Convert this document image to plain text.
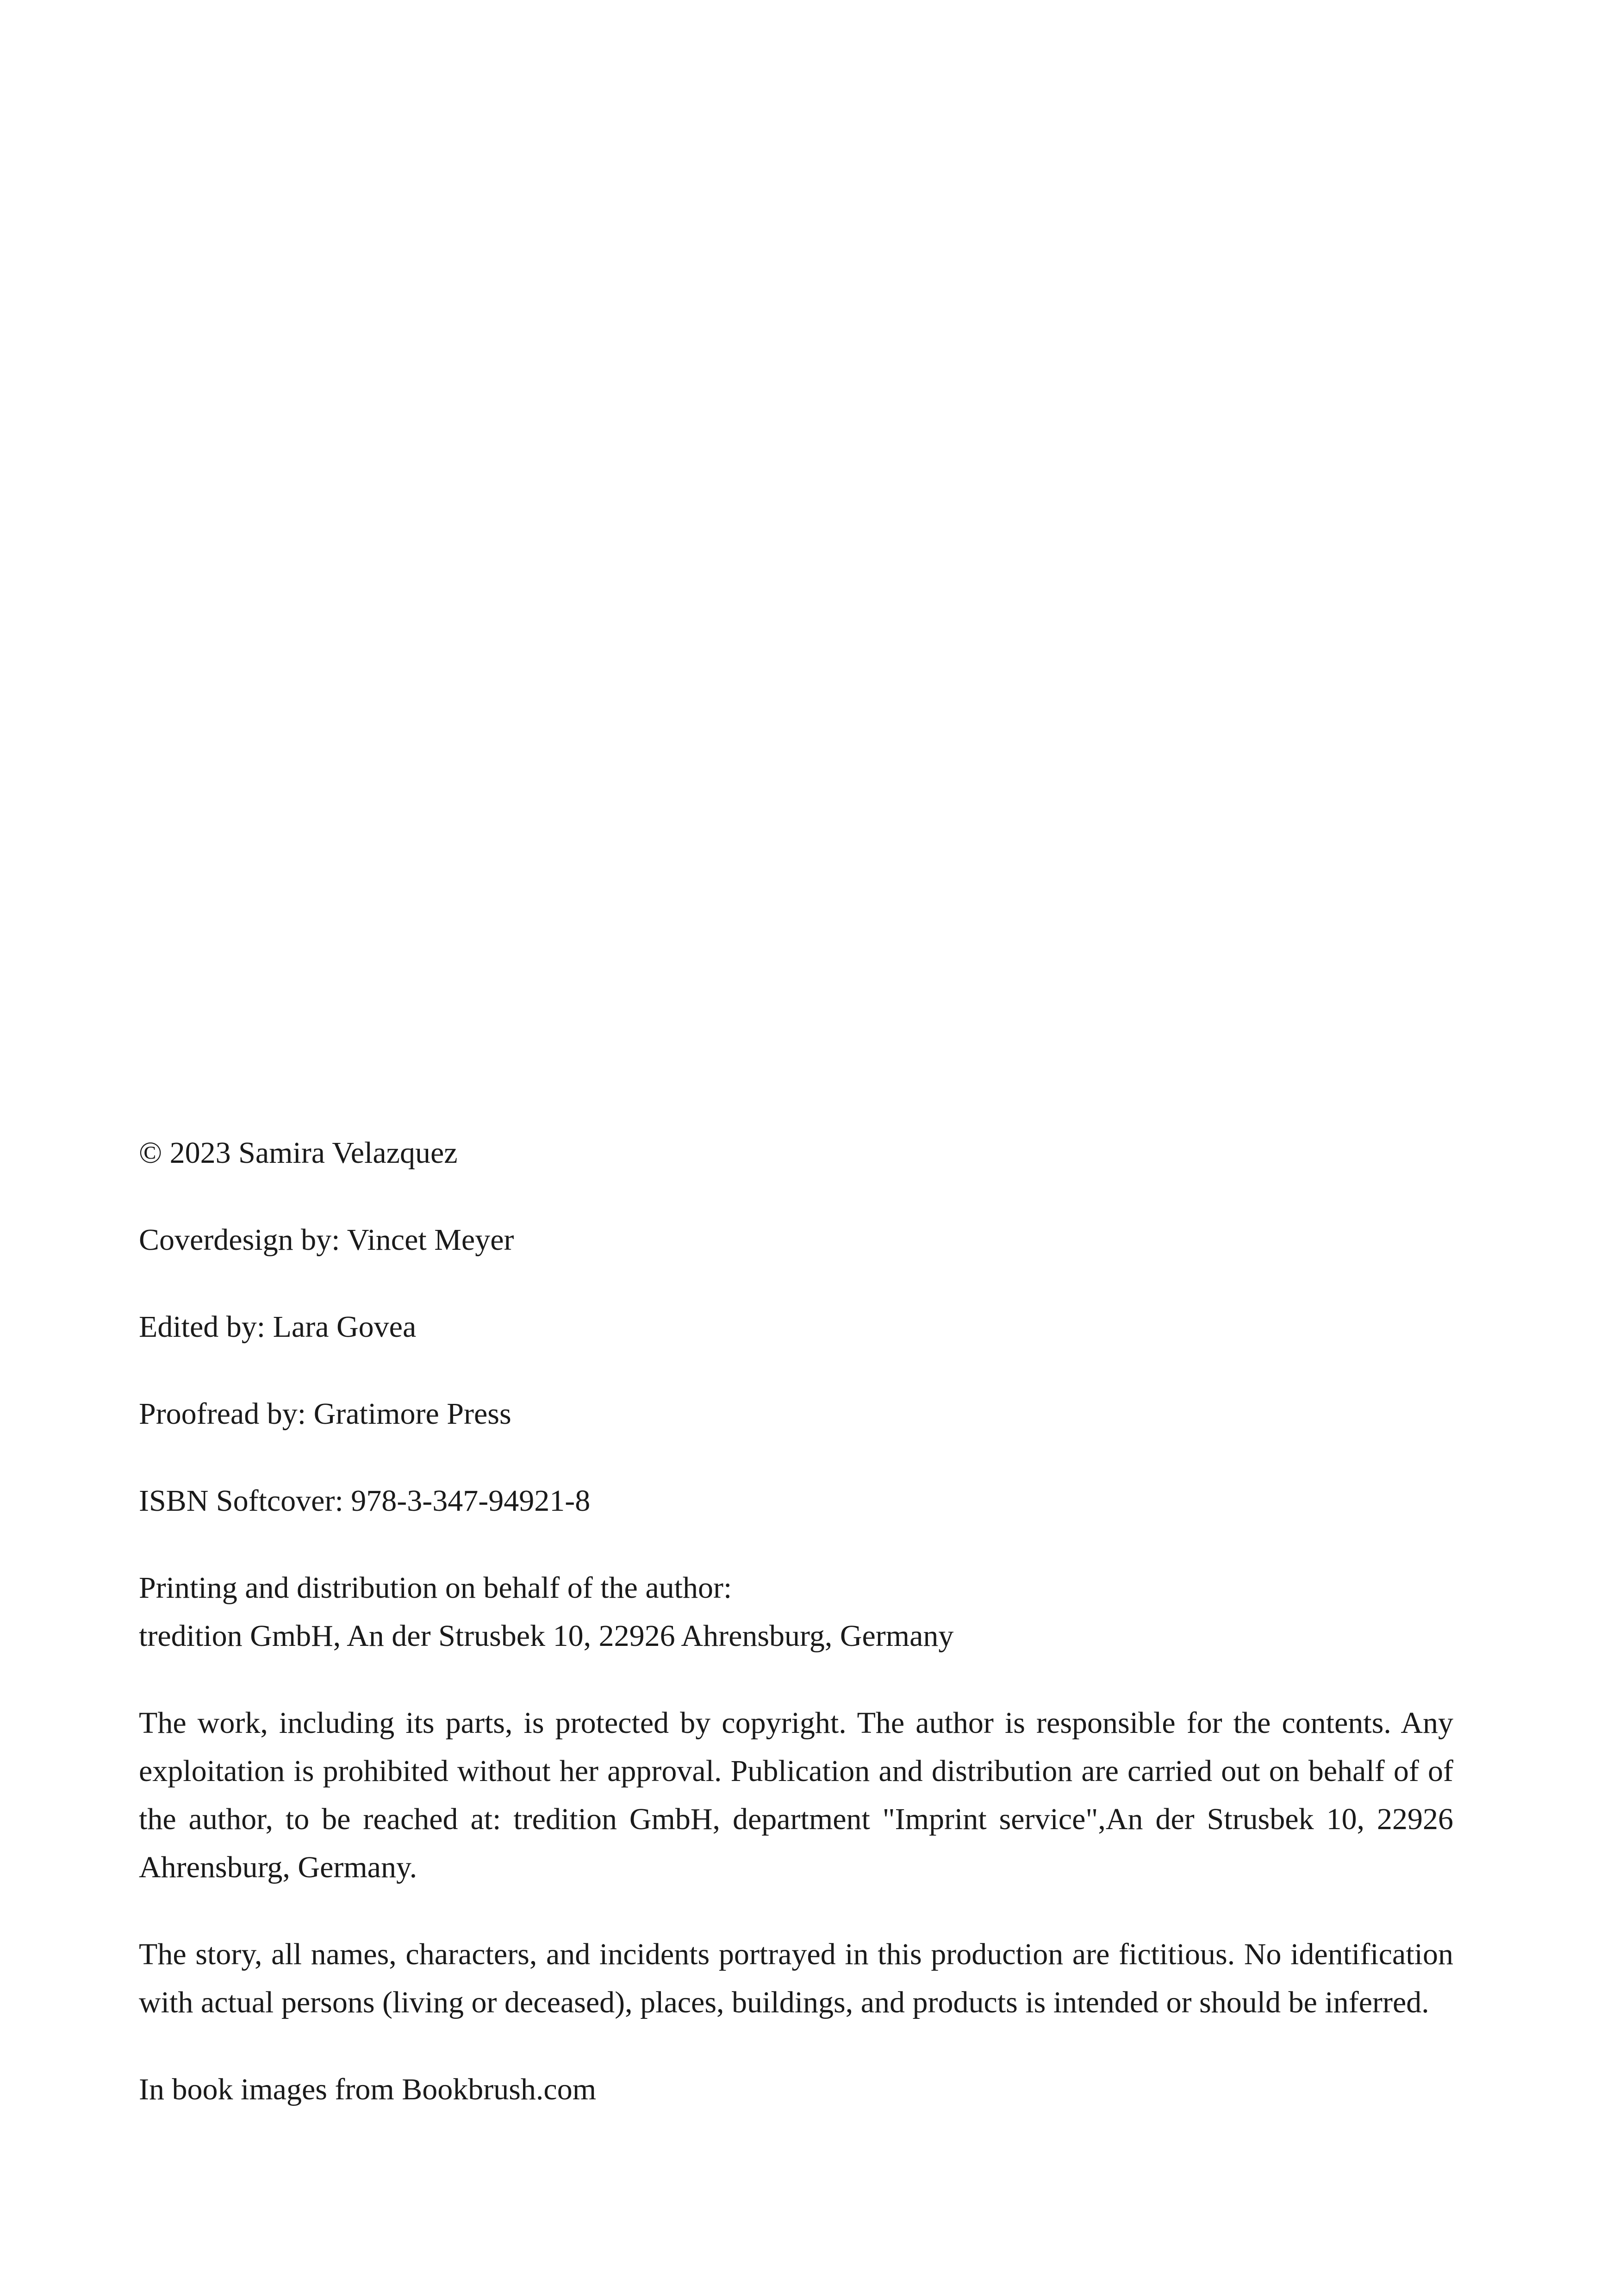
© 2023 Samira Velazquez

Coverdesign by: Vincet Meyer

Edited by: Lara Govea

Proofread by: Gratimore Press

ISBN Softcover: 978-3-347-94921-8

Printing and distribution on behalf of the author:
tredition GmbH, An der Strusbek 10, 22926 Ahrensburg, Germany

The work, including its parts, is protected by copyright. The author is responsible for the contents. Any exploitation is prohibited without her approval. Publication and distribution are carried out on behalf of of the author, to be reached at: tredition GmbH, department "Imprint service",An der Strusbek 10, 22926 Ahrensburg, Germany.

The story, all names, characters, and incidents portrayed in this production are fictitious. No identification with actual persons (living or deceased), places, buildings, and products is intended or should be inferred.

In book images from Bookbrush.com
